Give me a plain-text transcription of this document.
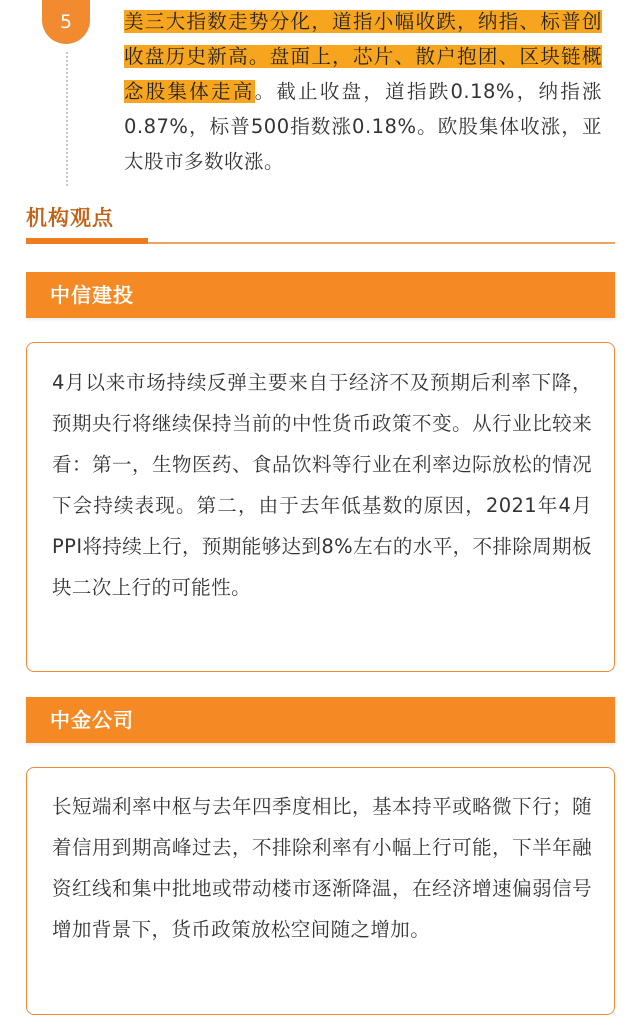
5	美三大指数走势分化，道指小幅收跌，纳指、标普创收盘历史新高。盘面上，芯片、散户抱团、区块链概念股集体走高。截止收盘，道指跌0.18%，纳指涨0.87%，标普500指数涨0.18%。欧股集体收涨，亚太股市多数收涨。

机构观点
中信建投

4月以来市场持续反弹主要来自于经济不及预期后利率下降，预期央行将继续保持当前的中性货币政策不变。从行业比较来看：第一，生物医药、食品饮料等行业在利率边际放松的情况下会持续表现。第二，由于去年低基数的原因，2021年4月PPI将持续上行，预期能够达到8%左右的水平，不排除周期板块二次上行的可能性。

中金公司

长短端利率中枢与去年四季度相比，基本持平或略微下行；随着信用到期高峰过去，不排除利率有小幅上行可能，下半年融资红线和集中批地或带动楼市逐渐降温，在经济增速偏弱信号增加背景下，货币政策放松空间随之增加。
